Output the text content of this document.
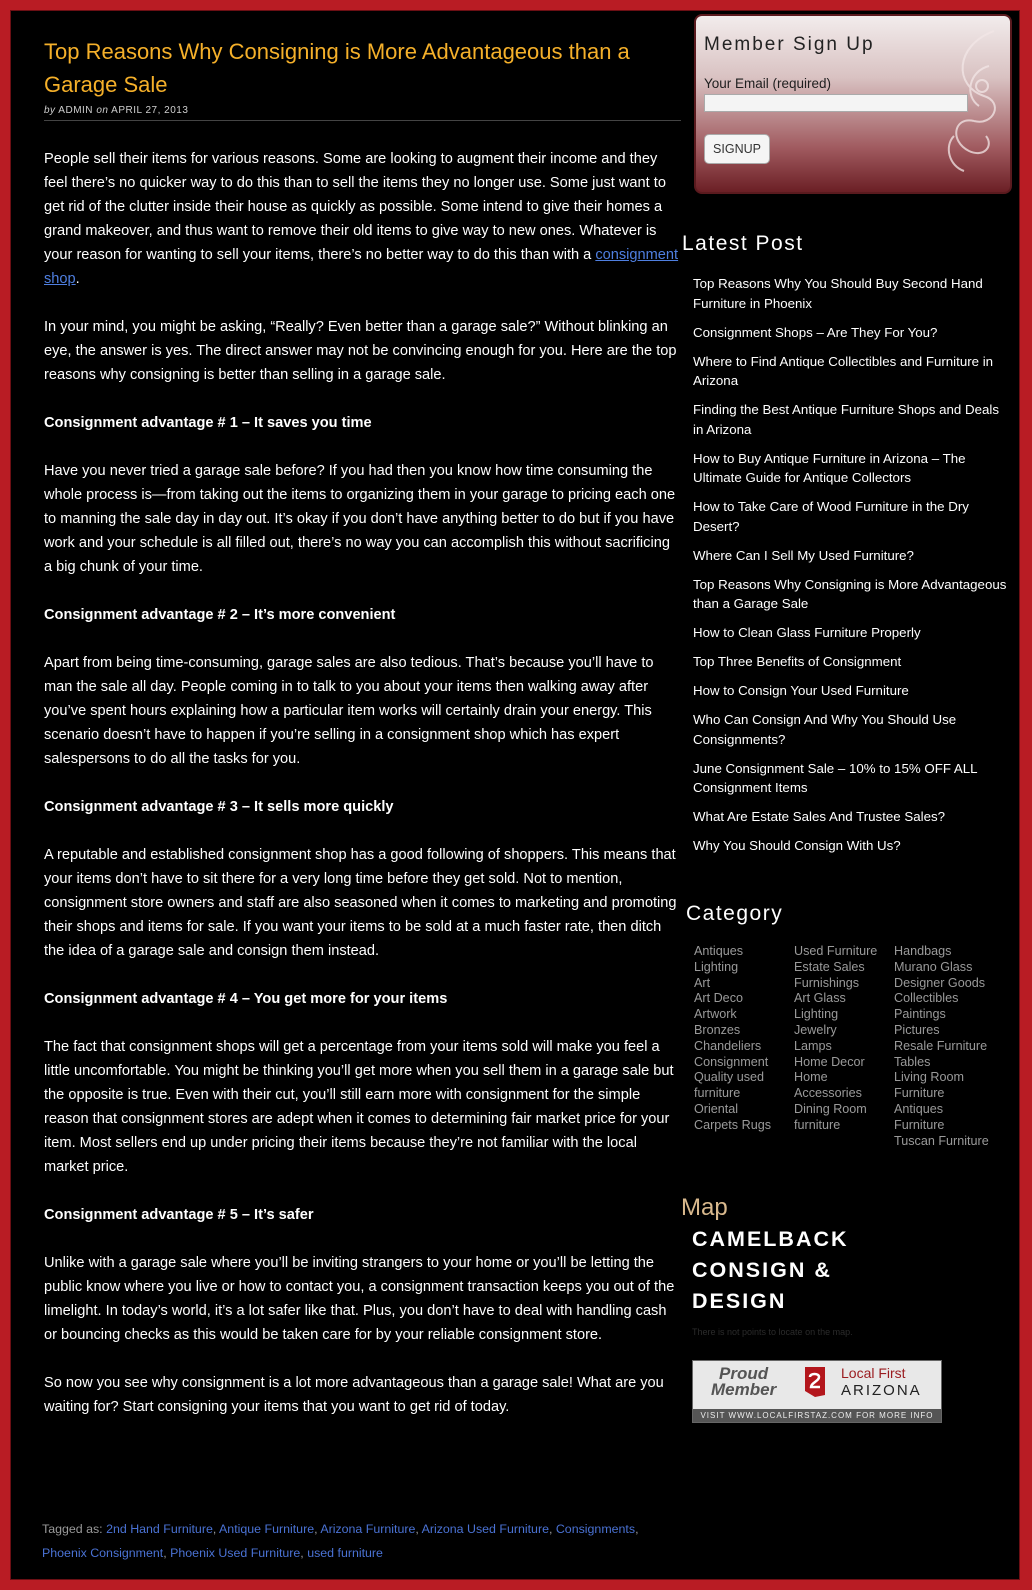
Top Reasons Why Consigning is More Advantageous than a Garage Sale
by ADMIN on APRIL 27, 2013

People sell their items for various reasons. Some are looking to augment their income and they feel there’s no quicker way to do this than to sell the items they no longer use. Some just want to get rid of the clutter inside their house as quickly as possible. Some intend to give their homes a grand makeover, and thus want to remove their old items to give way to new ones. Whatever is your reason for wanting to sell your items, there’s no better way to do this than with a consignment shop.

In your mind, you might be asking, “Really? Even better than a garage sale?” Without blinking an eye, the answer is yes. The direct answer may not be convincing enough for you. Here are the top reasons why consigning is better than selling in a garage sale.

Consignment advantage # 1 – It saves you time

Have you never tried a garage sale before? If you had then you know how time consuming the whole process is—from taking out the items to organizing them in your garage to pricing each one to manning the sale day in day out. It’s okay if you don’t have anything better to do but if you have work and your schedule is all filled out, there’s no way you can accomplish this without sacrificing a big chunk of your time.

Consignment advantage # 2 – It’s more convenient

Apart from being time-consuming, garage sales are also tedious. That’s because you’ll have to man the sale all day. People coming in to talk to you about your items then walking away after you’ve spent hours explaining how a particular item works will certainly drain your energy. This scenario doesn’t have to happen if you’re selling in a consignment shop which has expert salespersons to do all the tasks for you.

Consignment advantage # 3 – It sells more quickly

A reputable and established consignment shop has a good following of shoppers. This means that your items don’t have to sit there for a very long time before they get sold. Not to mention, consignment store owners and staff are also seasoned when it comes to marketing and promoting their shops and items for sale. If you want your items to be sold at a much faster rate, then ditch the idea of a garage sale and consign them instead.

Consignment advantage # 4 – You get more for your items

The fact that consignment shops will get a percentage from your items sold will make you feel a little uncomfortable. You might be thinking you’ll get more when you sell them in a garage sale but the opposite is true. Even with their cut, you’ll still earn more with consignment for the simple reason that consignment stores are adept when it comes to determining fair market price for your item. Most sellers end up under pricing their items because they’re not familiar with the local market price.

Consignment advantage # 5 – It’s safer

Unlike with a garage sale where you’ll be inviting strangers to your home or you’ll be letting the public know where you live or how to contact you, a consignment transaction keeps you out of the limelight. In today’s world, it’s a lot safer like that. Plus, you don’t have to deal with handling cash or bouncing checks as this would be taken care for by your reliable consignment store.

So now you see why consignment is a lot more advantageous than a garage sale! What are you waiting for? Start consigning your items that you want to get rid of today.

Tagged as: 2nd Hand Furniture, Antique Furniture, Arizona Furniture, Arizona Used Furniture, Consignments,
Phoenix Consignment, Phoenix Used Furniture, used furniture
Member Sign Up
Your Email (required)
SIGNUP
Latest Post
Top Reasons Why You Should Buy Second Hand Furniture in Phoenix
Consignment Shops – Are They For You?
Where to Find Antique Collectibles and Furniture in Arizona
Finding the Best Antique Furniture Shops and Deals in Arizona
How to Buy Antique Furniture in Arizona – The Ultimate Guide for Antique Collectors
How to Take Care of Wood Furniture in the Dry Desert?
Where Can I Sell My Used Furniture?
Top Reasons Why Consigning is More Advantageous than a Garage Sale
How to Clean Glass Furniture Properly
Top Three Benefits of Consignment
How to Consign Your Used Furniture
Who Can Consign And Why You Should Use Consignments?
June Consignment Sale – 10% to 15% OFF ALL Consignment Items
What Are Estate Sales And Trustee Sales?
Why You Should Consign With Us?
Category
Antiques
Lighting
Art
Art Deco
Artwork
Bronzes
Chandeliers
Consignment
Quality used
furniture
Oriental
Carpets Rugs
Used Furniture
Estate Sales
Furnishings
Art Glass
Lighting
Jewelry
Lamps
Home Decor
Home
Accessories
Dining Room
furniture
Handbags
Murano Glass
Designer Goods
Collectibles
Paintings
Pictures
Resale Furniture
Tables
Living Room
Furniture
Antiques
Furniture
Tuscan Furniture
Map
CAMELBACK CONSIGN & DESIGN
There is not points to locate on the map.
Proud
Member
Local First
ARIZONA
VISIT WWW.LOCALFIRSTAZ.COM FOR MORE INFO
